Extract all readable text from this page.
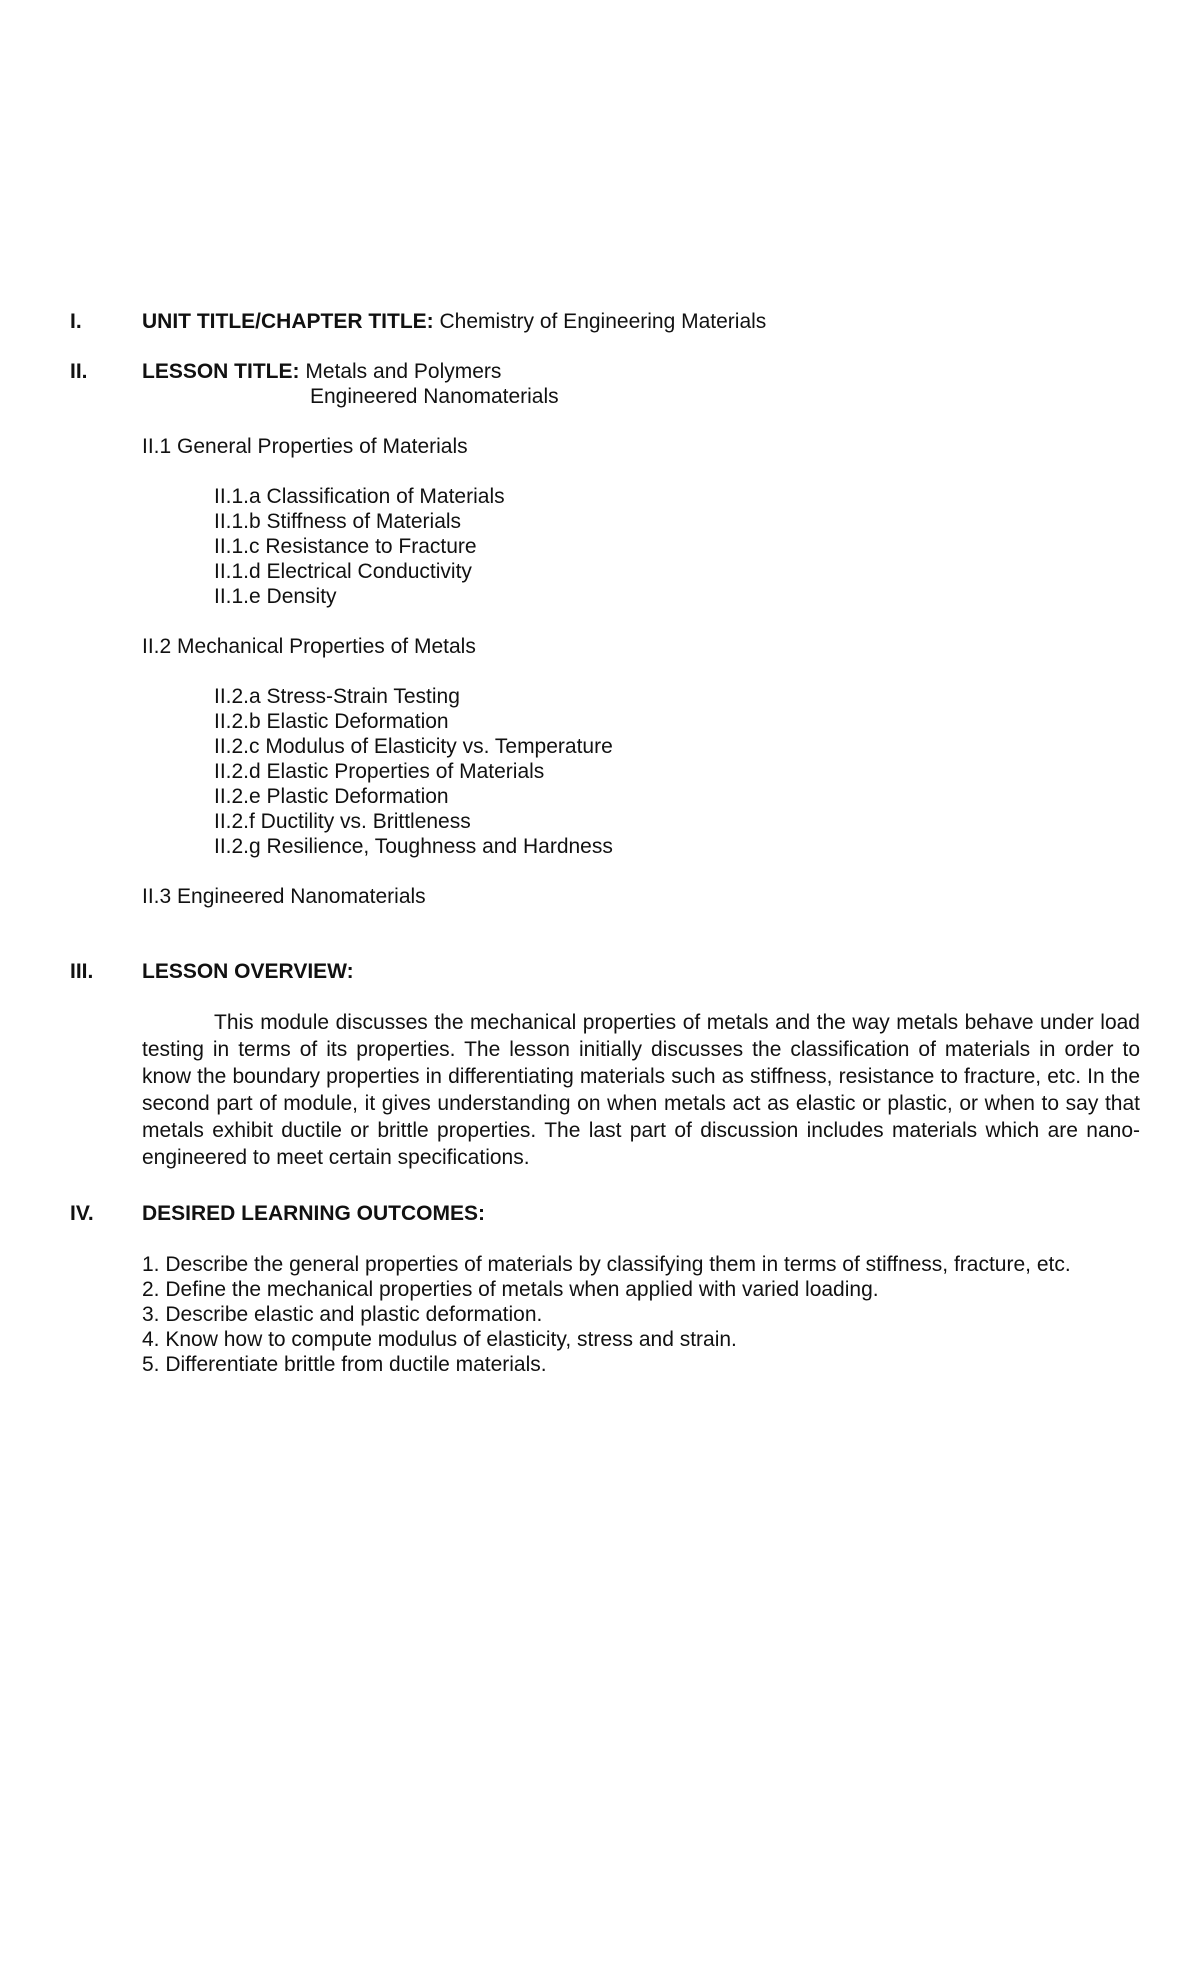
I.	UNIT TITLE/CHAPTER TITLE: Chemistry of Engineering Materials
II.	LESSON TITLE: Metals and Polymers
Engineered Nanomaterials
II.1 General Properties of Materials
II.1.a Classification of Materials
II.1.b Stiffness of Materials
II.1.c Resistance to Fracture
II.1.d Electrical Conductivity
II.1.e Density
II.2 Mechanical Properties of Metals
II.2.a Stress-Strain Testing
II.2.b Elastic Deformation
II.2.c Modulus of Elasticity vs. Temperature
II.2.d Elastic Properties of Materials
II.2.e Plastic Deformation
II.2.f Ductility vs. Brittleness
II.2.g Resilience, Toughness and Hardness
II.3 Engineered Nanomaterials
III. LESSON OVERVIEW:

This module discusses the mechanical properties of metals and the way metals behave under load testing in terms of its properties. The lesson initially discusses the classification of materials in order to know the boundary properties in differentiating materials such as stiffness, resistance to fracture, etc. In the second part of module, it gives understanding on when metals act as elastic or plastic, or when to say that metals exhibit ductile or brittle properties. The last part of discussion includes materials which are nano-engineered to meet certain specifications.

IV. DESIRED LEARNING OUTCOMES:
1. Describe the general properties of materials by classifying them in terms of stiffness, fracture, etc.
2. Define the mechanical properties of metals when applied with varied loading.
3. Describe elastic and plastic deformation.
4. Know how to compute modulus of elasticity, stress and strain.
5. Differentiate brittle from ductile materials.
